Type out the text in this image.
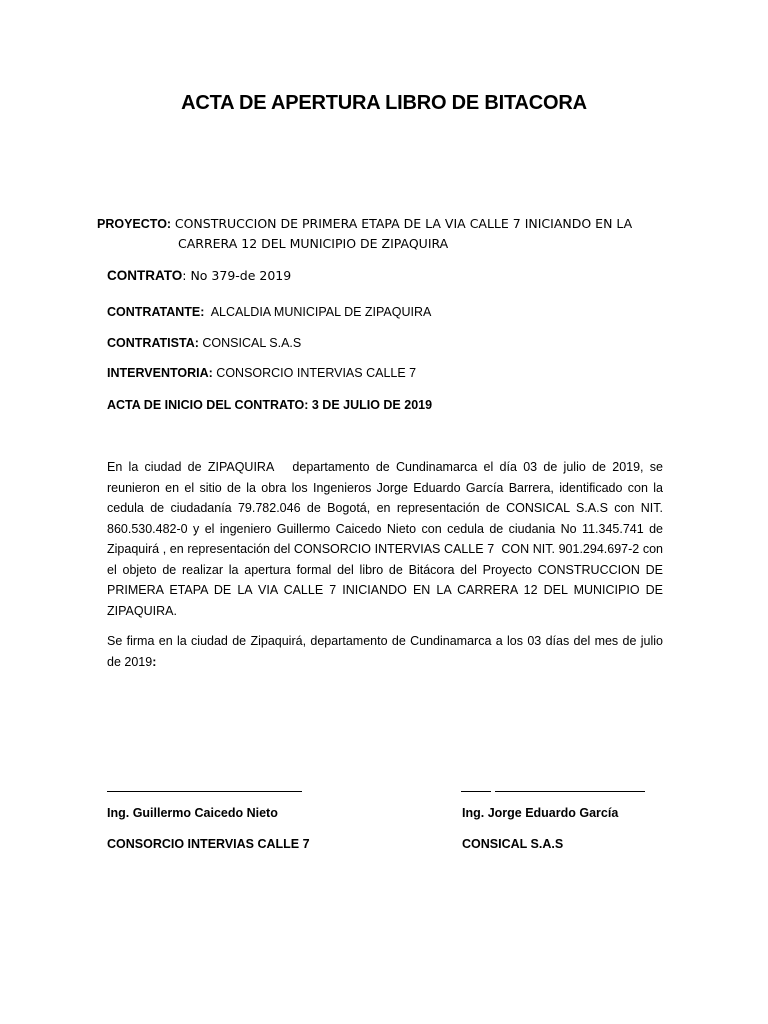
ACTA DE APERTURA LIBRO DE BITACORA
PROYECTO: CONSTRUCCION DE PRIMERA ETAPA DE LA VIA CALLE 7 INICIANDO EN LA
CARRERA 12 DEL MUNICIPIO DE ZIPAQUIRA
CONTRATO: No 379-de 2019
CONTRATANTE:  ALCALDIA MUNICIPAL DE ZIPAQUIRA
CONTRATISTA: CONSICAL S.A.S
INTERVENTORIA: CONSORCIO INTERVIAS CALLE 7
ACTA DE INICIO DEL CONTRATO: 3 DE JULIO DE 2019
En la ciudad de ZIPAQUIRA   departamento de Cundinamarca el día 03 de julio de 2019, se reunieron en el sitio de la obra los Ingenieros Jorge Eduardo García Barrera, identificado con la cedula de ciudadanía 79.782.046 de Bogotá, en representación de CONSICAL S.A.S con NIT. 860.530.482-0 y el ingeniero Guillermo Caicedo Nieto con cedula de ciudania No 11.345.741 de  Zipaquirá , en representación del CONSORCIO INTERVIAS CALLE 7  CON NIT. 901.294.697-2 con el objeto de realizar la apertura formal del libro de Bitácora del Proyecto CONSTRUCCION DE PRIMERA ETAPA DE LA VIA CALLE 7 INICIANDO EN LA CARRERA 12 DEL MUNICIPIO DE ZIPAQUIRA.
Se firma en la ciudad de Zipaquirá, departamento de Cundinamarca a los 03 días del mes de julio de 2019:
Ing. Guillermo Caicedo Nieto
CONSORCIO INTERVIAS CALLE 7
Ing. Jorge Eduardo García
CONSICAL S.A.S
